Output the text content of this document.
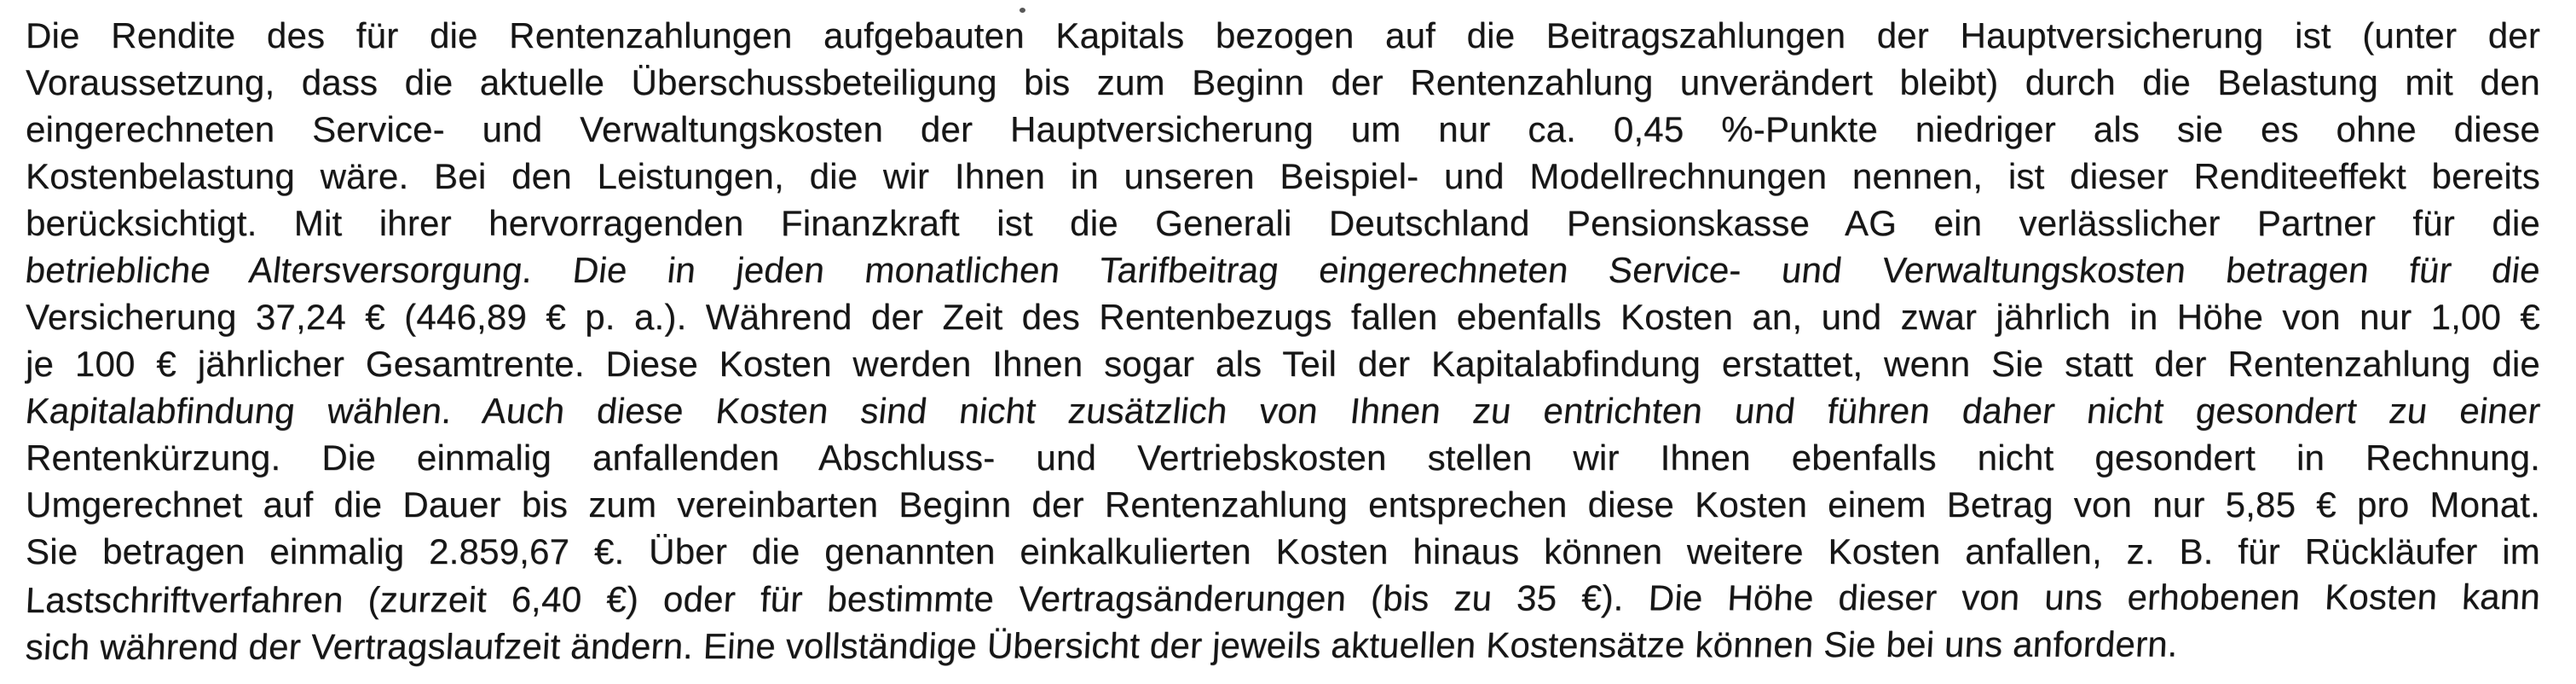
Die Rendite des für die Rentenzahlungen aufgebauten Kapitals bezogen auf die Beitragszahlungen der Hauptversicherung ist (unter der
Voraussetzung, dass die aktuelle Überschussbeteiligung bis zum Beginn der Rentenzahlung unverändert bleibt) durch die Belastung mit den
eingerechneten Service- und Verwaltungskosten der Hauptversicherung um nur ca. 0,45 %-Punkte niedriger als sie es ohne diese
Kostenbelastung wäre. Bei den Leistungen, die wir Ihnen in unseren Beispiel- und Modellrechnungen nennen, ist dieser Renditeeffekt bereits
berücksichtigt. Mit ihrer hervorragenden Finanzkraft ist die Generali Deutschland Pensionskasse AG ein verlässlicher Partner für die
betriebliche Altersversorgung. Die in jeden monatlichen Tarifbeitrag eingerechneten Service- und Verwaltungskosten betragen für die
Versicherung 37,24 € (446,89 € p. a.). Während der Zeit des Rentenbezugs fallen ebenfalls Kosten an, und zwar jährlich in Höhe von nur 1,00 €
je 100 € jährlicher Gesamtrente. Diese Kosten werden Ihnen sogar als Teil der Kapitalabfindung erstattet, wenn Sie statt der Rentenzahlung die
Kapitalabfindung wählen. Auch diese Kosten sind nicht zusätzlich von Ihnen zu entrichten und führen daher nicht gesondert zu einer
Rentenkürzung. Die einmalig anfallenden Abschluss- und Vertriebskosten stellen wir Ihnen ebenfalls nicht gesondert in Rechnung.
Umgerechnet auf die Dauer bis zum vereinbarten Beginn der Rentenzahlung entsprechen diese Kosten einem Betrag von nur 5,85 € pro Monat.
Sie betragen einmalig 2.859,67 €. Über die genannten einkalkulierten Kosten hinaus können weitere Kosten anfallen, z. B. für Rückläufer im
Lastschriftverfahren (zurzeit 6,40 €) oder für bestimmte Vertragsänderungen (bis zu 35 €). Die Höhe dieser von uns erhobenen Kosten kann
sich während der Vertragslaufzeit ändern. Eine vollständige Übersicht der jeweils aktuellen Kostensätze können Sie bei uns anfordern.
